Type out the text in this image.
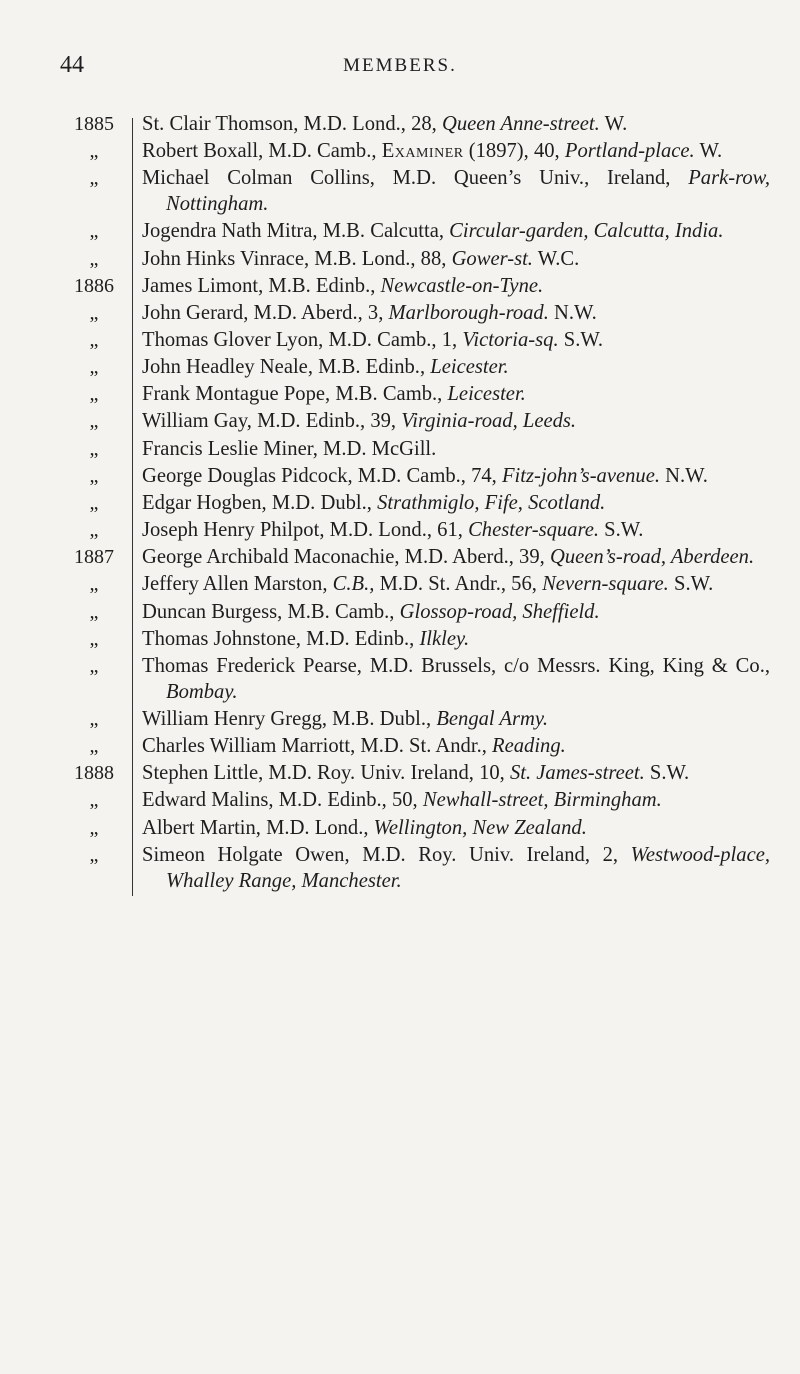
44	MEMBERS.
1885	St. Clair Thomson, M.D. Lond., 28, Queen Anne-street. W.
„	Robert Boxall, M.D. Camb., Examiner (1897), 40, Portland-place. W.
„	Michael Colman Collins, M.D. Queen’s Univ., Ireland, Park-row, Nottingham.
„	Jogendra Nath Mitra, M.B. Calcutta, Circular-garden, Calcutta, India.
„	John Hinks Vinrace, M.B. Lond., 88, Gower-st. W.C.
1886	James Limont, M.B. Edinb., Newcastle-on-Tyne.
„	John Gerard, M.D. Aberd., 3, Marlborough-road. N.W.
„	Thomas Glover Lyon, M.D. Camb., 1, Victoria-sq. S.W.
„	John Headley Neale, M.B. Edinb., Leicester.
„	Frank Montague Pope, M.B. Camb., Leicester.
„	William Gay, M.D. Edinb., 39, Virginia-road, Leeds.
„	Francis Leslie Miner, M.D. McGill.
„	George Douglas Pidcock, M.D. Camb., 74, Fitz-john’s-avenue. N.W.
„	Edgar Hogben, M.D. Dubl., Strathmiglo, Fife, Scotland.
„	Joseph Henry Philpot, M.D. Lond., 61, Chester-square. S.W.
1887	George Archibald Maconachie, M.D. Aberd., 39, Queen’s-road, Aberdeen.
„	Jeffery Allen Marston, C.B., M.D. St. Andr., 56, Nevern-square. S.W.
„	Duncan Burgess, M.B. Camb., Glossop-road, Sheffield.
„	Thomas Johnstone, M.D. Edinb., Ilkley.
„	Thomas Frederick Pearse, M.D. Brussels, c/o Messrs. King, King & Co., Bombay.
„	William Henry Gregg, M.B. Dubl., Bengal Army.
„	Charles William Marriott, M.D. St. Andr., Reading.
1888	Stephen Little, M.D. Roy. Univ. Ireland, 10, St. James-street. S.W.
„	Edward Malins, M.D. Edinb., 50, Newhall-street, Birmingham.
„	Albert Martin, M.D. Lond., Wellington, New Zealand.
„	Simeon Holgate Owen, M.D. Roy. Univ. Ireland, 2, Westwood-place, Whalley Range, Manchester.
